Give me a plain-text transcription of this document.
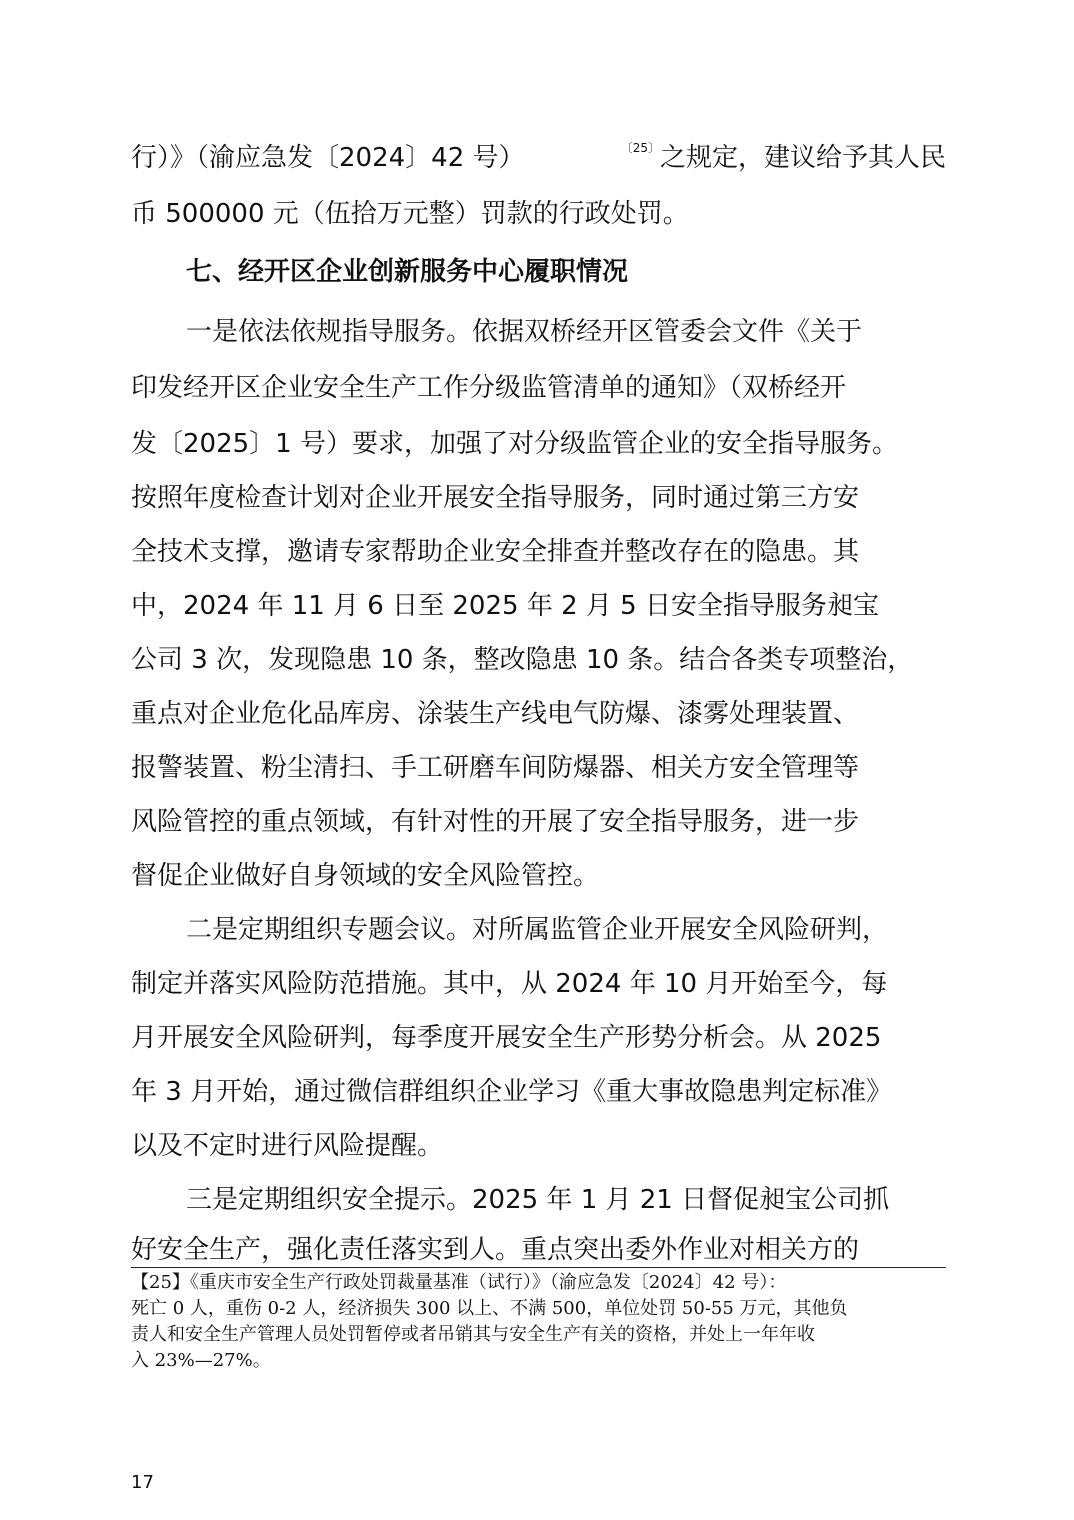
行）》（渝应急发〔2024〕42 号）	$^{〔25〕}$之规定，建议给予其人民
币 500000 元（伍拾万元整）罚款的行政处罚。
七、经开区企业创新服务中心履职情况
一是依法依规指导服务。依据双桥经开区管委会文件《关于
印发经开区企业安全生产工作分级监管清单的通知》（双桥经开
发〔2025〕1 号）要求，加强了对分级监管企业的安全指导服务。
按照年度检查计划对企业开展安全指导服务，同时通过第三方安
全技术支撑，邀请专家帮助企业安全排查并整改存在的隐患。其
中，2024 年 11 月 6 日至 2025 年 2 月 5 日安全指导服务昶宝
公司 3 次，发现隐患 10 条，整改隐患 10 条。结合各类专项整治，
重点对企业危化品库房、涂装生产线电气防爆、漆雾处理装置、
报警装置、粉尘清扫、手工研磨车间防爆器、相关方安全管理等
风险管控的重点领域，有针对性的开展了安全指导服务，进一步
督促企业做好自身领域的安全风险管控。
二是定期组织专题会议。对所属监管企业开展安全风险研判，
制定并落实风险防范措施。其中，从 2024 年 10 月开始至今，每
月开展安全风险研判，每季度开展安全生产形势分析会。从 2025
年 3 月开始，通过微信群组织企业学习《重大事故隐患判定标准》
以及不定时进行风险提醒。
三是定期组织安全提示。2025 年 1 月 21 日督促昶宝公司抓
好安全生产，强化责任落实到人。重点突出委外作业对相关方的
【25】《重庆市安全生产行政处罚裁量基准（试行）》（渝应急发〔2024〕42 号）：
死亡 0 人，重伤 0-2 人，经济损失 300 以上、不满 500，单位处罚 50-55 万元，其他负
责人和安全生产管理人员处罚暂停或者吊销其与安全生产有关的资格，并处上一年年收
入 23%—27%。
17
